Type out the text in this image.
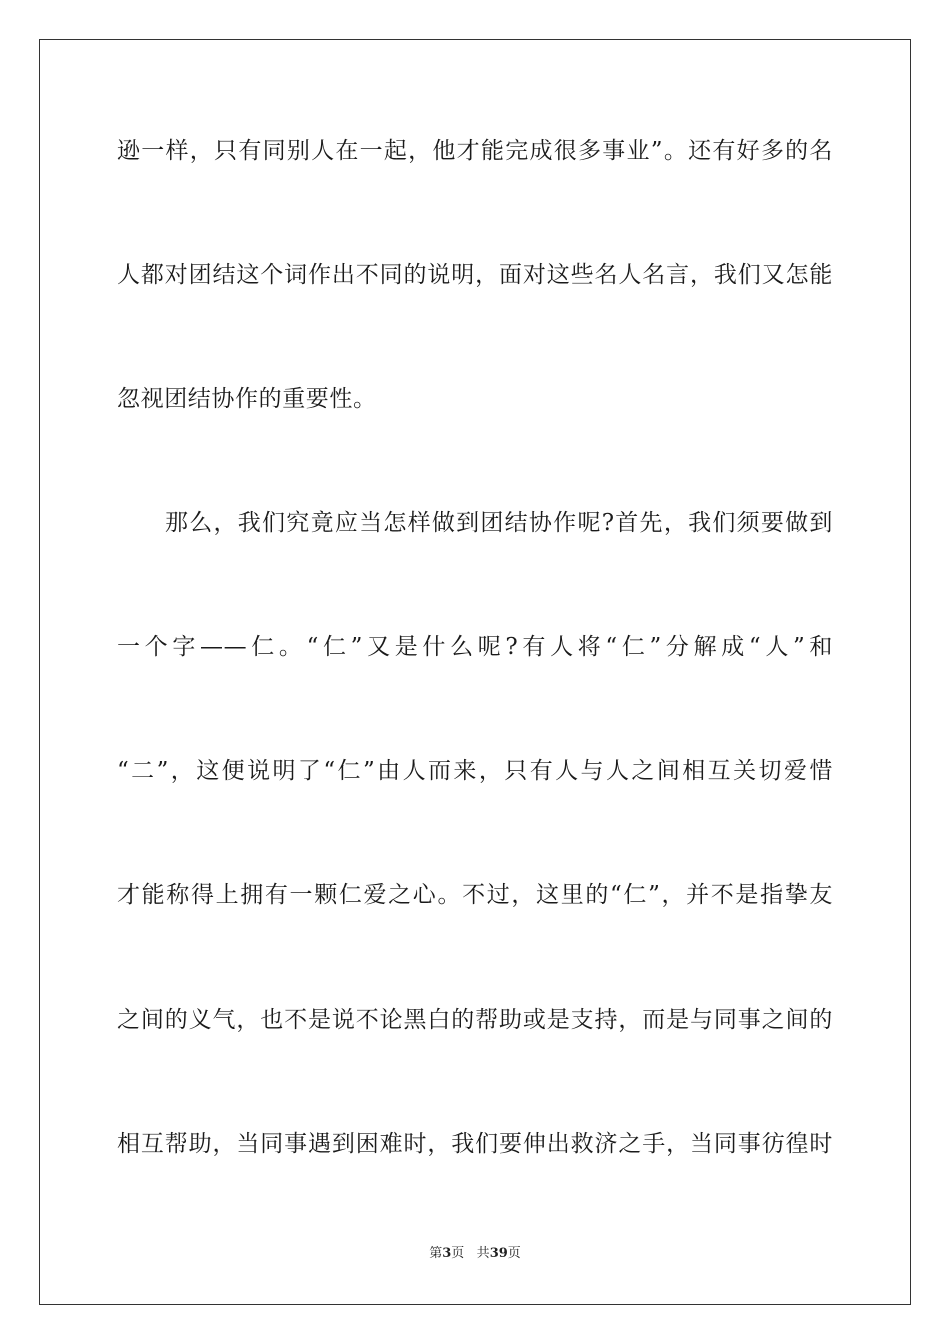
逊一样，只有同别人在一起，他才能完成很多事业”。还有好多的名
人都对团结这个词作出不同的说明，面对这些名人名言，我们又怎能
忽视团结协作的重要性。
那么，我们究竟应当怎样做到团结协作呢?首先，我们须要做到
一个字——仁。“仁”又是什么呢?有人将“仁”分解成“人”和
“二”，这便说明了“仁”由人而来，只有人与人之间相互关切爱惜
才能称得上拥有一颗仁爱之心。不过，这里的“仁”，并不是指挚友
之间的义气，也不是说不论黑白的帮助或是支持，而是与同事之间的
相互帮助，当同事遇到困难时，我们要伸出救济之手，当同事彷徨时
第3页 共39页
